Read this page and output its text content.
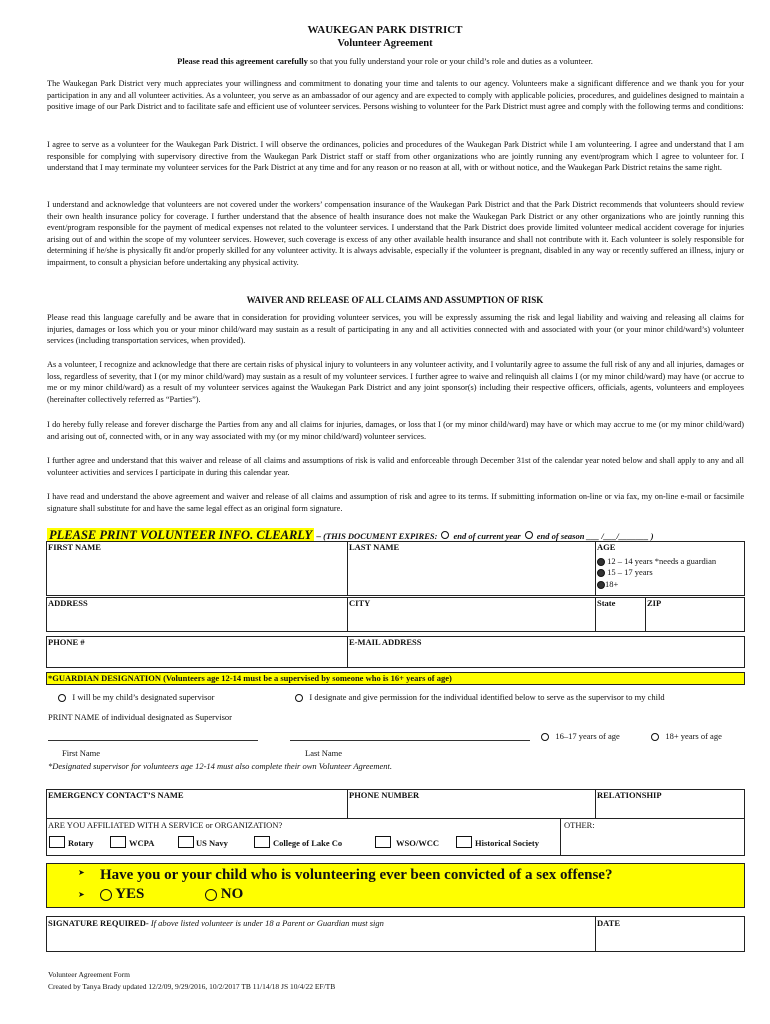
WAUKEGAN PARK DISTRICT
Volunteer Agreement
Please read this agreement carefully so that you fully understand your role or your child’s role and duties as a volunteer.
The Waukegan Park District very much appreciates your willingness and commitment to donating your time and talents to our agency. Volunteers make a significant difference and we thank you for your participation in any and all volunteer activities. As a volunteer, you serve as an ambassador of our agency and are expected to comply with applicable policies, procedures, and guidelines designed to maintain a positive image of our Park District and to facilitate safe and efficient use of volunteer services. Persons wishing to volunteer for the Park District must agree and comply with the following terms and conditions:
I agree to serve as a volunteer for the Waukegan Park District. I will observe the ordinances, policies and procedures of the Waukegan Park District while I am volunteering. I agree and understand that I am responsible for complying with supervisory directive from the Waukegan Park District staff or staff from other organizations who are jointly running any event/program which I agree to volunteer for. I understand that I may terminate my volunteer services for the Park District at any time and for any reason or no reason at all, with or without notice, and the Waukegan Park District retains the same right.
I understand and acknowledge that volunteers are not covered under the workers’ compensation insurance of the Waukegan Park District and that the Park District recommends that volunteers should review their own health insurance policy for coverage. I further understand that the absence of health insurance does not make the Waukegan Park District or any other organizations who are jointly running this event/program responsible for the payment of medical expenses not related to the volunteer services. I understand that the Park District does provide limited volunteer medical accident coverage for injuries arising out of and within the scope of my volunteer services. However, such coverage is excess of any other available health insurance and shall not contribute with it. Each volunteer is solely responsible for determining if he/she is physically fit and/or properly skilled for any volunteer activity. It is always advisable, especially if the volunteer is pregnant, disabled in any way or recently suffered an illness, injury or impairment, to consult a physician before undertaking any physical activity.
WAIVER AND RELEASE OF ALL CLAIMS AND ASSUMPTION OF RISK
Please read this language carefully and be aware that in consideration for providing volunteer services, you will be expressly assuming the risk and legal liability and waiving and releasing all claims for injuries, damages or loss which you or your minor child/ward may sustain as a result of participating in any and all activities connected with and associated with your (or your minor child/ward’s) volunteer services (including transportation services, when provided).
As a volunteer, I recognize and acknowledge that there are certain risks of physical injury to volunteers in any volunteer activity, and I voluntarily agree to assume the full risk of any and all injuries, damages or loss, regardless of severity, that I (or my minor child/ward) may sustain as a result of my volunteer services. I further agree to waive and relinquish all claims I (or my minor child/ward) may have (or accrue to me or my minor child/ward) as a result of my volunteer services against the Waukegan Park District and any joint sponsor(s) including their respective officers, officials, agents, volunteers and employees (hereinafter collectively referred as “Parties”).
I do hereby fully release and forever discharge the Parties from any and all claims for injuries, damages, or loss that I (or my minor child/ward) may have or which may accrue to me (or my minor child/ward) and arising out of, connected with, or in any way associated with my (or my minor child/ward) volunteer services.
I further agree and understand that this waiver and release of all claims and assumptions of risk is valid and enforceable through December 31st of the calendar year noted below and shall apply to any and all volunteer activities and services I participate in during this calendar year.
I have read and understand the above agreement and waiver and release of all claims and assumption of risk and agree to its terms. If submitting information on-line or via fax, my on-line e-mail or facsimile signature shall substitute for and have the same legal effect as an original form signature.
PLEASE PRINT VOLUNTEER INFO. CLEARLY – (THIS DOCUMENT EXPIRES: end of current year end of season ___ /___/_______ )
FIRST NAME	LAST NAME	AGE
12 – 14 years *needs a guardian
15 – 17 years
18+
ADDRESS	CITY	State	ZIP
PHONE #	E-MAIL ADDRESS
*GUARDIAN DESIGNATION (Volunteers age 12-14 must be a supervised by someone who is 16+ years of age)
I will be my child’s designated supervisor	I designate and give permission for the individual identified below to serve as the supervisor to my child
PRINT NAME of individual designated as Supervisor
16–17 years of age	18+ years of age
First Name	Last Name
*Designated supervisor for volunteers age 12-14 must also complete their own Volunteer Agreement.
EMERGENCY CONTACT’S NAME	PHONE NUMBER	RELATIONSHIP
ARE YOU AFFILIATED WITH A SERVICE or ORGANIZATION?	OTHER:
Rotary	WCPA	US Navy	College of Lake Co	WSO/WCC	Historical Society
➤ Have you or your child who is volunteering ever been convicted of a sex offense?
➤	YES	NO
SIGNATURE REQUIRED- If above listed volunteer is under 18 a Parent or Guardian must sign	DATE
Volunteer Agreement Form
Created by Tanya Brady updated 12/2/09, 9/29/2016, 10/2/2017 TB 11/14/18 JS 10/4/22 EF/TB
